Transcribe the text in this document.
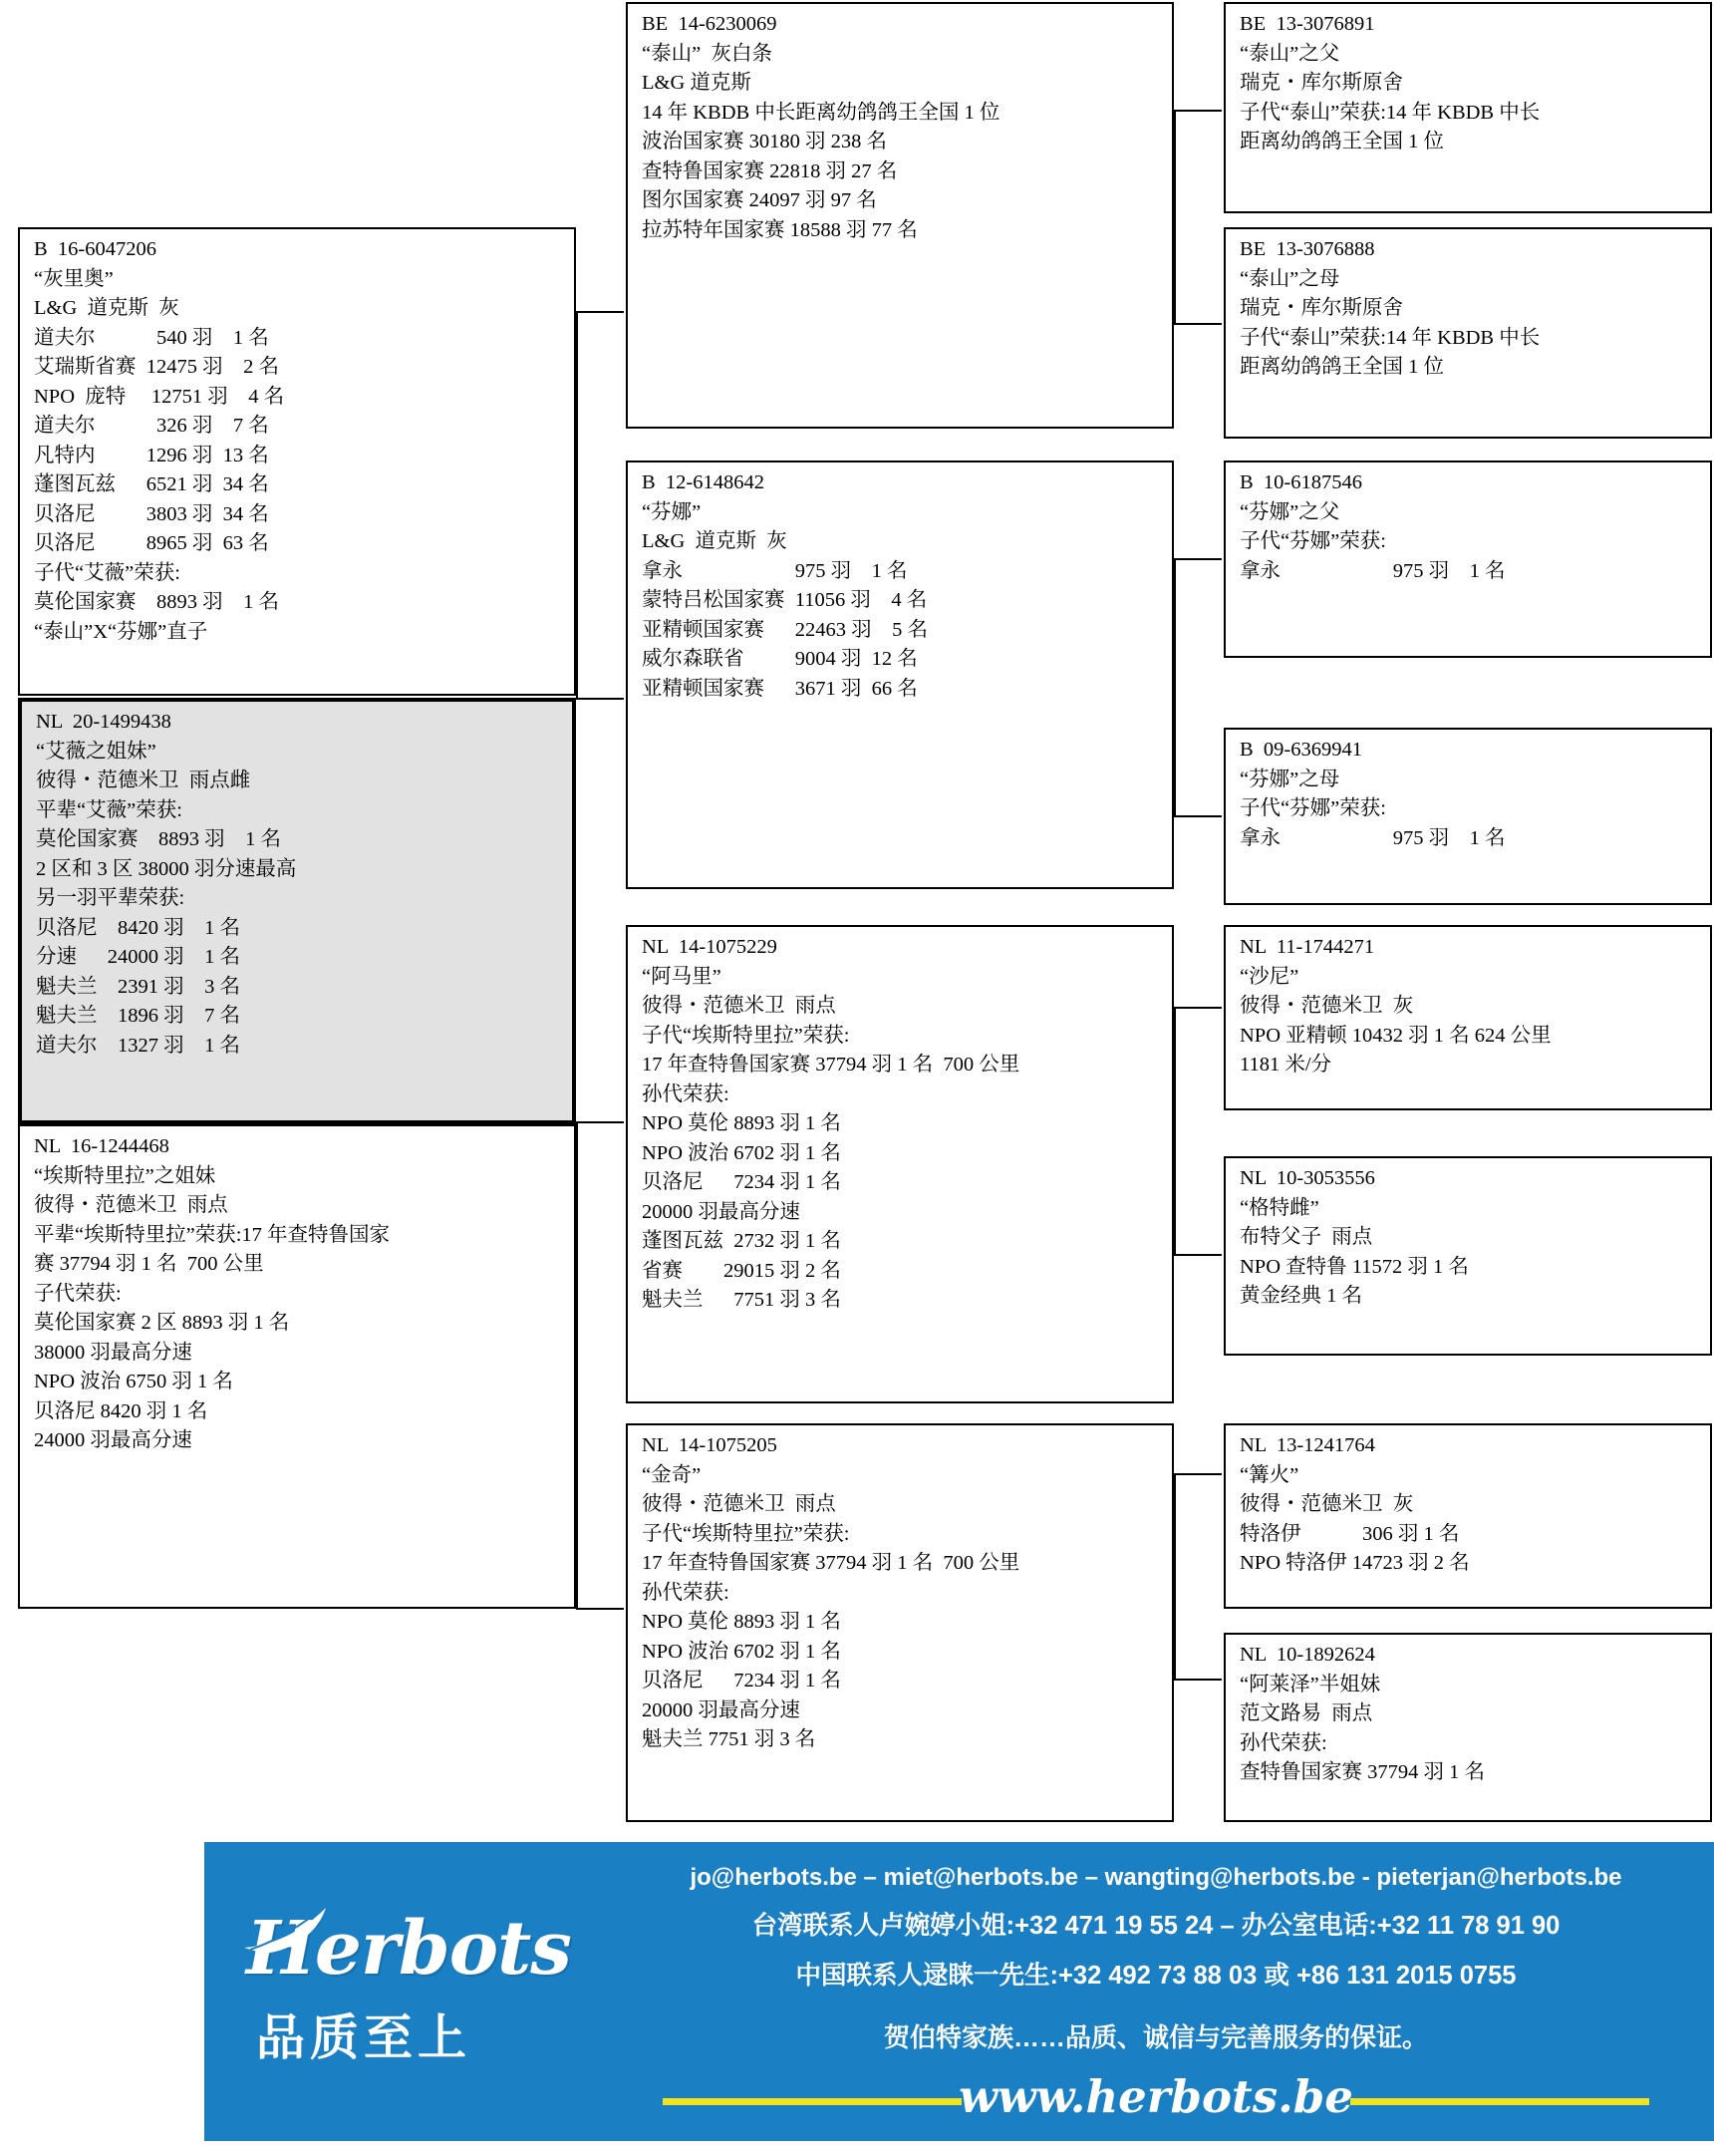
B  16-6047206
“灰里奥”
L&G  道克斯  灰
道夫尔            540 羽    1 名
艾瑞斯省赛  12475 羽    2 名
NPO  庞特     12751 羽    4 名
道夫尔            326 羽    7 名
凡特内          1296 羽  13 名
蓬图瓦兹      6521 羽  34 名
贝洛尼          3803 羽  34 名
贝洛尼          8965 羽  63 名
子代“艾薇”荣获:
莫伦国家赛    8893 羽    1 名
“泰山”X“芬娜”直子
NL  20-1499438
“艾薇之姐妹”
彼得・范德米卫  雨点雌
平辈“艾薇”荣获:
莫伦国家赛    8893 羽    1 名
2 区和 3 区 38000 羽分速最高
另一羽平辈荣获:
贝洛尼    8420 羽    1 名
分速      24000 羽    1 名
魁夫兰    2391 羽    3 名
魁夫兰    1896 羽    7 名
道夫尔    1327 羽    1 名
NL  16-1244468
“埃斯特里拉”之姐妹
彼得・范德米卫  雨点
平辈“埃斯特里拉”荣获:17 年查特鲁国家
赛 37794 羽 1 名  700 公里
子代荣获:
莫伦国家赛 2 区 8893 羽 1 名
38000 羽最高分速
NPO 波治 6750 羽 1 名
贝洛尼 8420 羽 1 名
24000 羽最高分速
BE  14-6230069
“泰山”  灰白条
L&G 道克斯
14 年 KBDB 中长距离幼鸽鸽王全国 1 位
波治国家赛 30180 羽 238 名
查特鲁国家赛 22818 羽 27 名
图尔国家赛 24097 羽 97 名
拉苏特年国家赛 18588 羽 77 名
B  12-6148642
“芬娜”
L&G  道克斯  灰
拿永                      975 羽    1 名
蒙特吕松国家赛  11056 羽    4 名
亚精顿国家赛      22463 羽    5 名
威尔森联省          9004 羽  12 名
亚精顿国家赛      3671 羽  66 名
NL  14-1075229
“阿马里”
彼得・范德米卫  雨点
子代“埃斯特里拉”荣获:
17 年查特鲁国家赛 37794 羽 1 名  700 公里
孙代荣获:
NPO 莫伦 8893 羽 1 名
NPO 波治 6702 羽 1 名
贝洛尼      7234 羽 1 名
20000 羽最高分速
蓬图瓦兹  2732 羽 1 名
省赛        29015 羽 2 名
魁夫兰      7751 羽 3 名
NL  14-1075205
“金奇”
彼得・范德米卫  雨点
子代“埃斯特里拉”荣获:
17 年查特鲁国家赛 37794 羽 1 名  700 公里
孙代荣获:
NPO 莫伦 8893 羽 1 名
NPO 波治 6702 羽 1 名
贝洛尼      7234 羽 1 名
20000 羽最高分速
魁夫兰 7751 羽 3 名
BE  13-3076891
“泰山”之父
瑞克・库尔斯原舍
子代“泰山”荣获:14 年 KBDB 中长
距离幼鸽鸽王全国 1 位
BE  13-3076888
“泰山”之母
瑞克・库尔斯原舍
子代“泰山”荣获:14 年 KBDB 中长
距离幼鸽鸽王全国 1 位
B  10-6187546
“芬娜”之父
子代“芬娜”荣获:
拿永                      975 羽    1 名
B  09-6369941
“芬娜”之母
子代“芬娜”荣获:
拿永                      975 羽    1 名
NL  11-1744271
“沙尼”
彼得・范德米卫  灰
NPO 亚精顿 10432 羽 1 名 624 公里
1181 米/分
NL  10-3053556
“格特雌”
布特父子  雨点
NPO 查特鲁 11572 羽 1 名
黄金经典 1 名
NL  13-1241764
“篝火”
彼得・范德米卫  灰
特洛伊            306 羽 1 名
NPO 特洛伊 14723 羽 2 名
NL  10-1892624
“阿莱泽”半姐妹
范文路易  雨点
孙代荣获:
查特鲁国家赛 37794 羽 1 名
Herbots
品质至上
jo@herbots.be – miet@herbots.be – wangting@herbots.be - pieterjan@herbots.be
台湾联系人卢婉婷小姐:+32 471 19 55 24 – 办公室电话:+32 11 78 91 90
中国联系人逯睐一先生:+32 492 73 88 03 或 +86 131 2015 0755
贺伯特家族……品质、诚信与完善服务的保证。
www.herbots.be
